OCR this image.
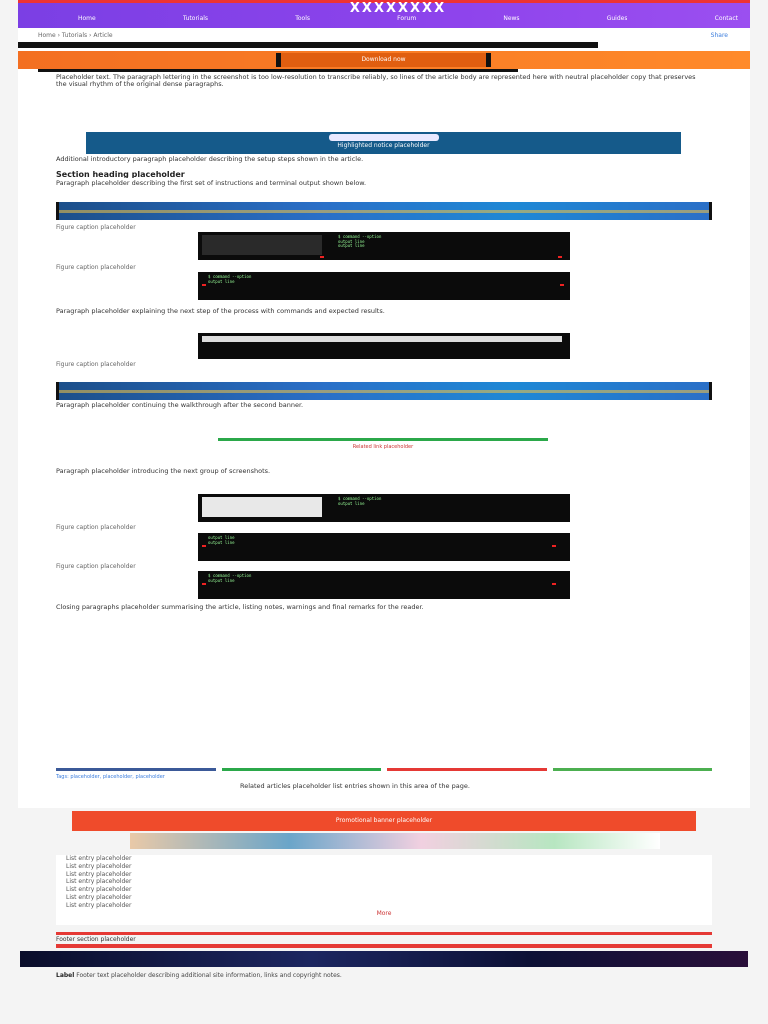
XXXXXXXX
Home	Tutorials	Tools	Forum	News	Guides	Contact
Home › Tutorials › Article	Share
Download now
Placeholder text. The paragraph lettering in the screenshot is too low-resolution to transcribe reliably, so lines of the article body are represented here with neutral placeholder copy that preserves the visual rhythm of the original dense paragraphs.
Highlighted notice placeholder
Additional introductory paragraph placeholder describing the setup steps shown in the article.
Section heading placeholder
Paragraph placeholder describing the first set of instructions and terminal output shown below.
Figure caption placeholder
$ command --option
output line
output line
Figure caption placeholder
$ command --option
output line
Paragraph placeholder explaining the next step of the process with commands and expected results.
Figure caption placeholder
Paragraph placeholder continuing the walkthrough after the second banner.
Related link placeholder
Paragraph placeholder introducing the next group of screenshots.
$ command --option
output line
Figure caption placeholder
output line
output line
Figure caption placeholder
$ command --option
output line
Closing paragraphs placeholder summarising the article, listing notes, warnings and final remarks for the reader.
Tags: placeholder, placeholder, placeholder
Related articles placeholder list entries shown in this area of the page.
Promotional banner placeholder
List entry placeholder
List entry placeholder
List entry placeholder
List entry placeholder
List entry placeholder
List entry placeholder
List entry placeholder
More
Footer section placeholder
Label Footer text placeholder describing additional site information, links and copyright notes.
